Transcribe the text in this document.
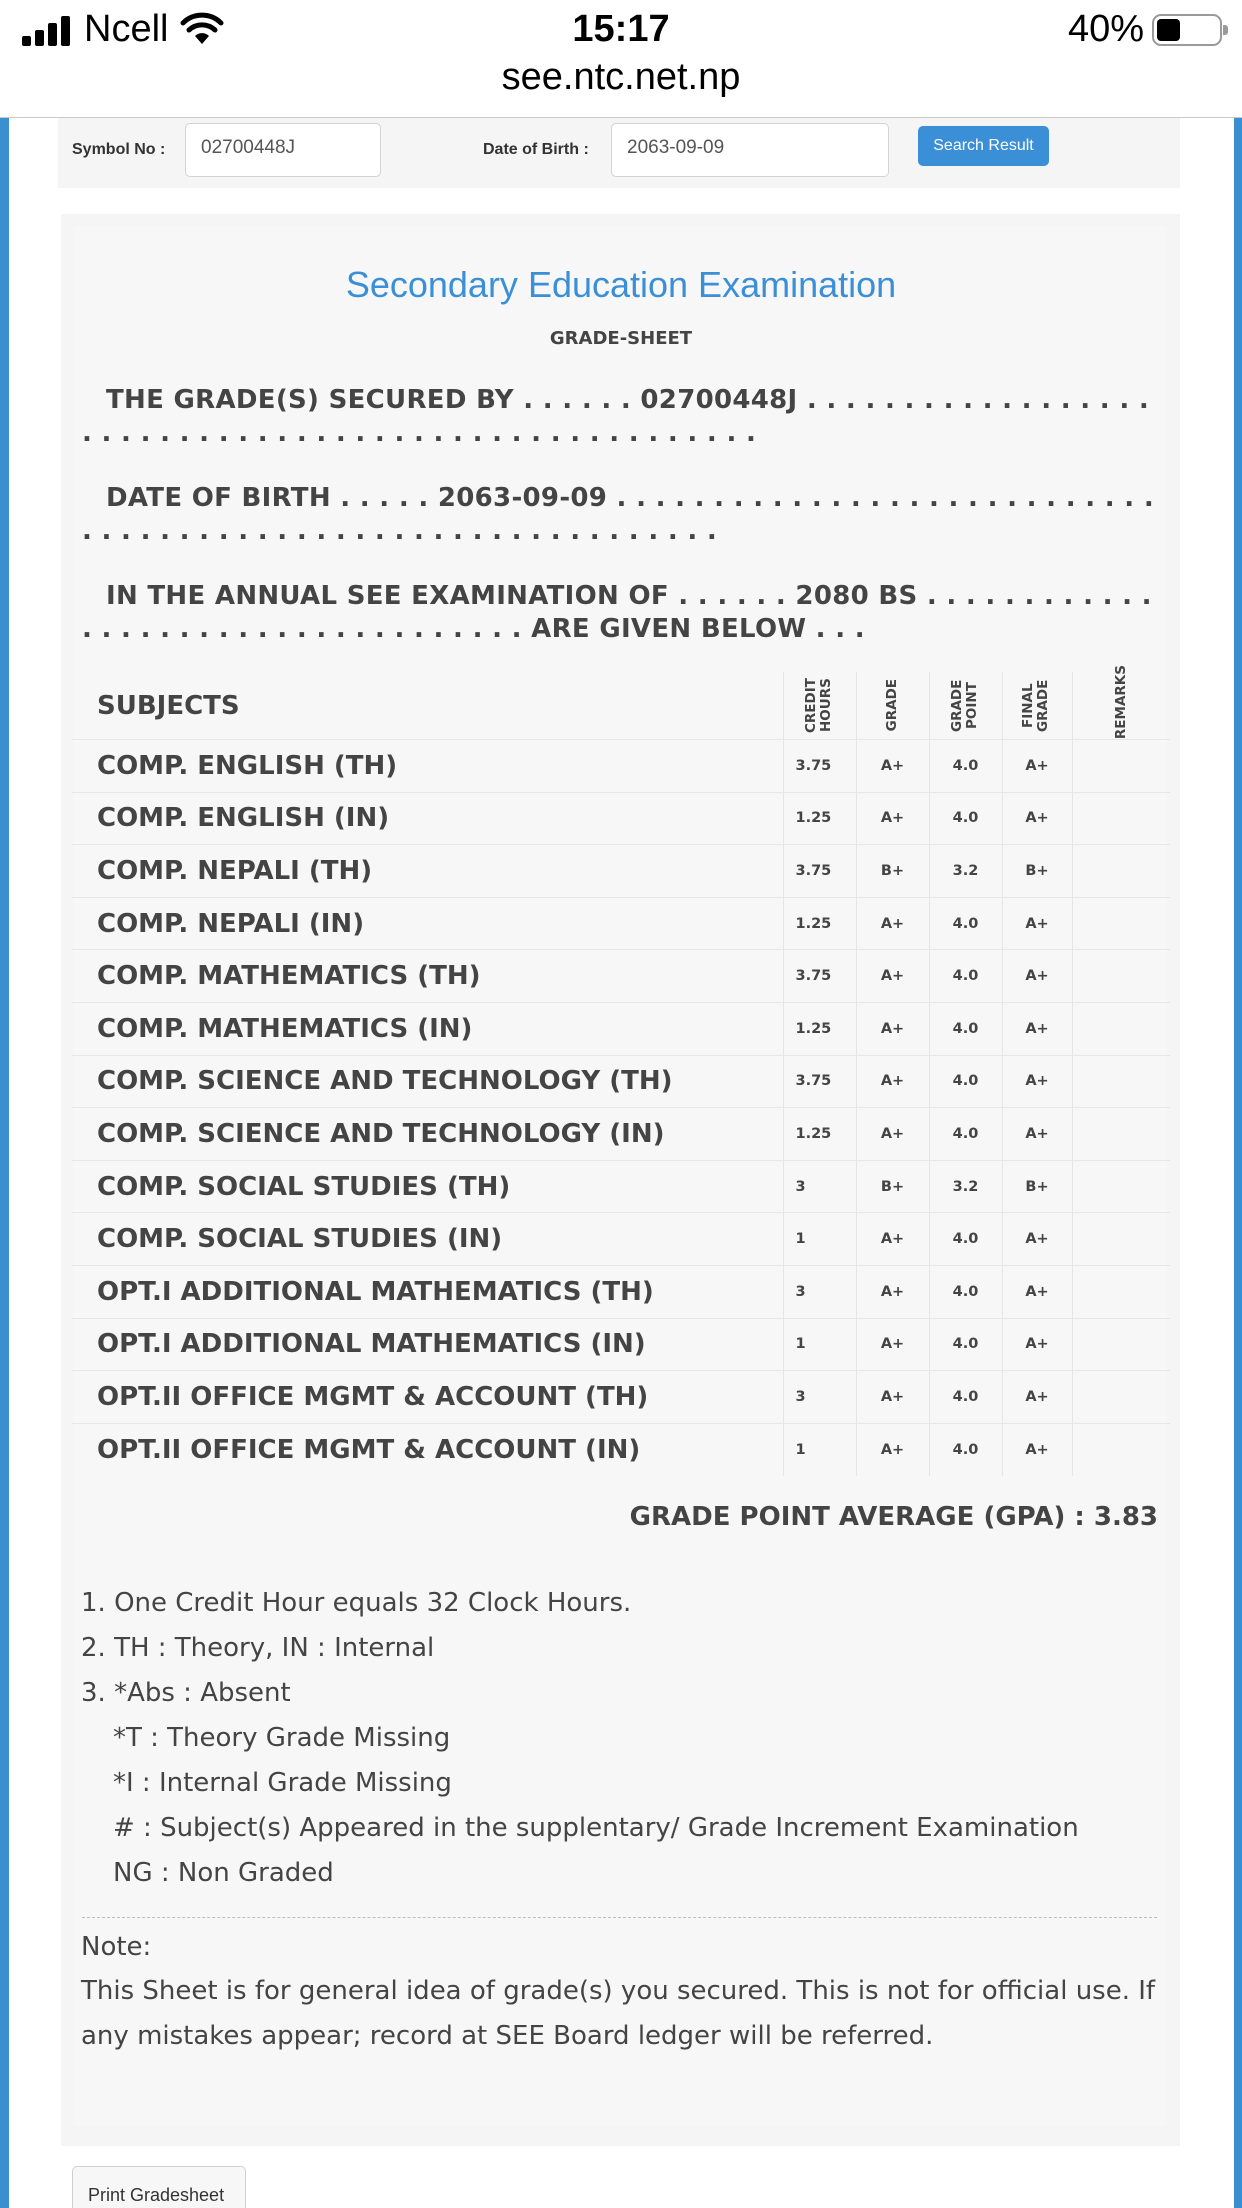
Ncell	15:17	40%
see.ntc.net.np
Symbol No :	02700448J	Date of Birth :	2063-09-09	Search Result
Secondary Education Examination
GRADE-SHEET
THE GRADE(S) SECURED BY . . . . . . 02700448J . . . . . . . . . . . . . . . . . . . . . . . . . . . . . . . . . . . . . . . . . . . . . . . . . . . . .
DATE OF BIRTH . . . . . 2063-09-09 . . . . . . . . . . . . . . . . . . . . . . . . . . . . . . . . . . . . . . . . . . . . . . . . . . . . . . . . . . . . .
IN THE ANNUAL SEE EXAMINATION OF . . . . . . 2080 BS . . . . . . . . . . . . . . . . . . . . . . . . . . . . . . . . . . . ARE GIVEN BELOW . . .
SUBJECTS	CREDIT HOURS	GRADE	GRADE POINT	FINAL GRADE	REMARKS

COMP. ENGLISH (TH)	3.75	A+	4.0	A+	
COMP. ENGLISH (IN)	1.25	A+	4.0	A+	
COMP. NEPALI (TH)	3.75	B+	3.2	B+	
COMP. NEPALI (IN)	1.25	A+	4.0	A+	
COMP. MATHEMATICS (TH)	3.75	A+	4.0	A+	
COMP. MATHEMATICS (IN)	1.25	A+	4.0	A+	
COMP. SCIENCE AND TECHNOLOGY (TH)	3.75	A+	4.0	A+	
COMP. SCIENCE AND TECHNOLOGY (IN)	1.25	A+	4.0	A+	
COMP. SOCIAL STUDIES (TH)	3	B+	3.2	B+	
COMP. SOCIAL STUDIES (IN)	1	A+	4.0	A+	
OPT.I ADDITIONAL MATHEMATICS (TH)	3	A+	4.0	A+	
OPT.I ADDITIONAL MATHEMATICS (IN)	1	A+	4.0	A+	
OPT.II OFFICE MGMT & ACCOUNT (TH)	3	A+	4.0	A+	
OPT.II OFFICE MGMT & ACCOUNT (IN)	1	A+	4.0	A+	
GRADE POINT AVERAGE (GPA) : 3.83
1. One Credit Hour equals 32 Clock Hours.
2. TH : Theory, IN : Internal
3. *Abs : Absent
*T : Theory Grade Missing
*I : Internal Grade Missing
# : Subject(s) Appeared in the supplentary/ Grade Increment Examination
NG : Non Graded
Note:
This Sheet is for general idea of grade(s) you secured. This is not for official use. If any mistakes appear; record at SEE Board ledger will be referred.
Print Gradesheet
